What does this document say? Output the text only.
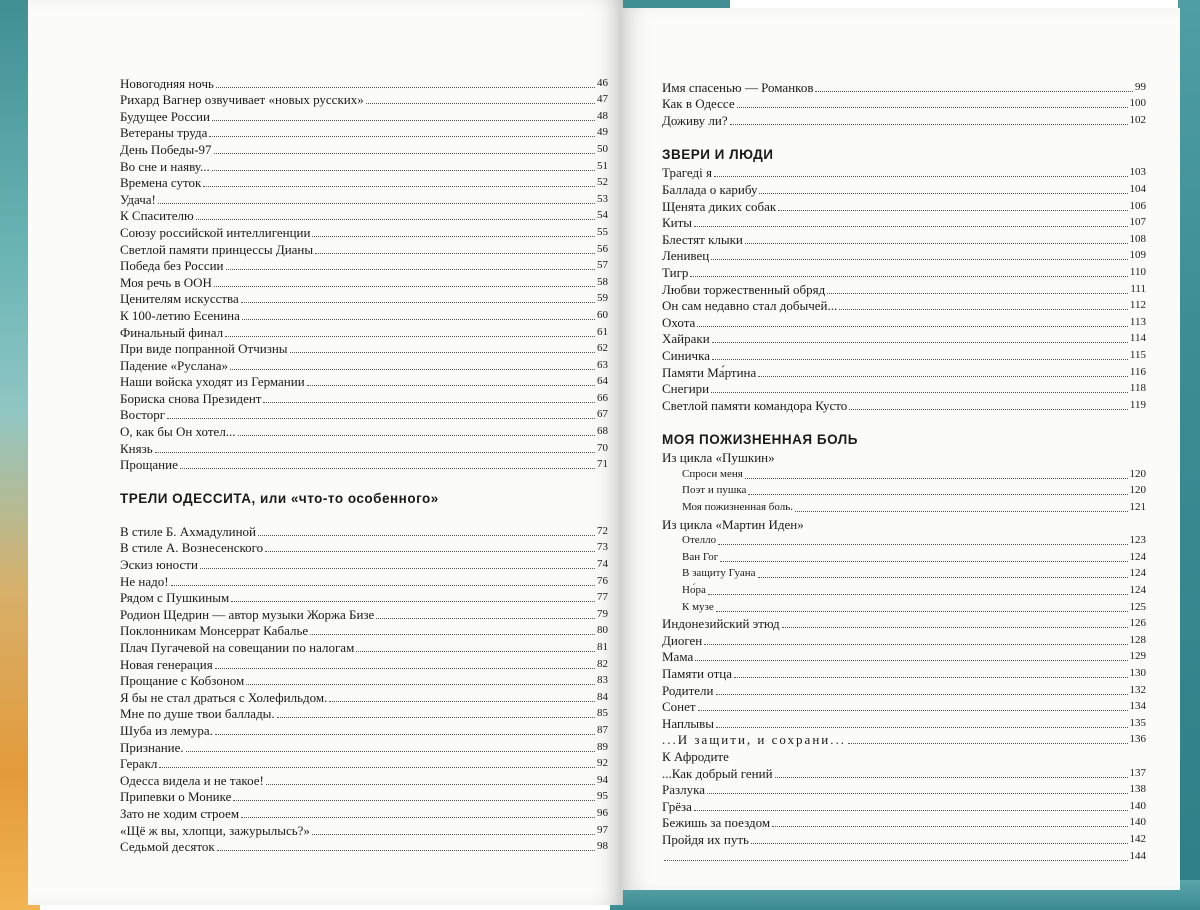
Новогодняя ночь	46
Рихард Вагнер озвучивает «новых русских»	47
Будущее России	48
Ветераны труда	49
День Победы-97	50
Во сне и наяву...	51
Времена суток	52
Удача!	53
К Спасителю	54
Союзу российской интеллигенции	55
Светлой памяти принцессы Дианы	56
Победа без России	57
Моя речь в ООН	58
Ценителям искусства	59
К 100-летию Есенина	60
Финальный финал	61
При виде попранной Отчизны	62
Падение «Руслана»	63
Наши войска уходят из Германии	64
Бориска снова Президент	66
Восторг	67
О, как бы Он хотел...	68
Князь	70
Прощание	71
ТРЕЛИ ОДЕССИТА, или «что-то особенного»
В стиле Б. Ахмадулиной	72
В стиле А. Вознесенского	73
Эскиз юности	74
Не надо!	76
Рядом с Пушкиным	77
Родион Щедрин — автор музыки Жоржа Бизе	79
Поклонникам Монсеррат Кабалье	80
Плач Пугачевой на совещании по налогам	81
Новая генерация	82
Прощание с Кобзоном	83
Я бы не стал драться с Холефильдом.	84
Мне по душе твои баллады.	85
Шуба из лемура.	87
Признание.	89
Геракл	92
Одесса видела и не такое!	94
Припевки о Монике	95
Зато не ходим строем	96
«Щё ж вы, хлопци, зажурылысь?»	97
Седьмой десяток	98
Имя спасенью — Романков	99
Как в Одессе	100
Доживу ли?	102
ЗВЕРИ И ЛЮДИ
Трагеді я	103
Баллада о карибу	104
Щенята диких собак	106
Киты	107
Блестят клыки	108
Ленивец	109
Тигр	110
Любви торжественный обряд	111
Он сам недавно стал добычей...	112
Охота	113
Хайраки	114
Синичка	115
Памяти Ма́ртина	116
Снегири	118
Светлой памяти командора Кусто	119
МОЯ ПОЖИЗНЕННАЯ БОЛЬ
Из цикла «Пушкин»
Спроси меня	120
Поэт и пушка	120
Моя пожизненная боль.	121
Из цикла «Мартин Иден»
Отелло	123
Ван Гог	124
В защиту Гуана	124
Но́ра	124
К музе	125
Индонезийский этюд	126
Диоген	128
Мама	129
Памяти отца	130
Родители	132
Сонет	134
Наплывы	135
...И защити, и сохрани...	136
К Афродите
...Как добрый гений	137
Разлука	138
Грёза	140
Бежишь за поездом	140
Пройдя их путь	142
144
